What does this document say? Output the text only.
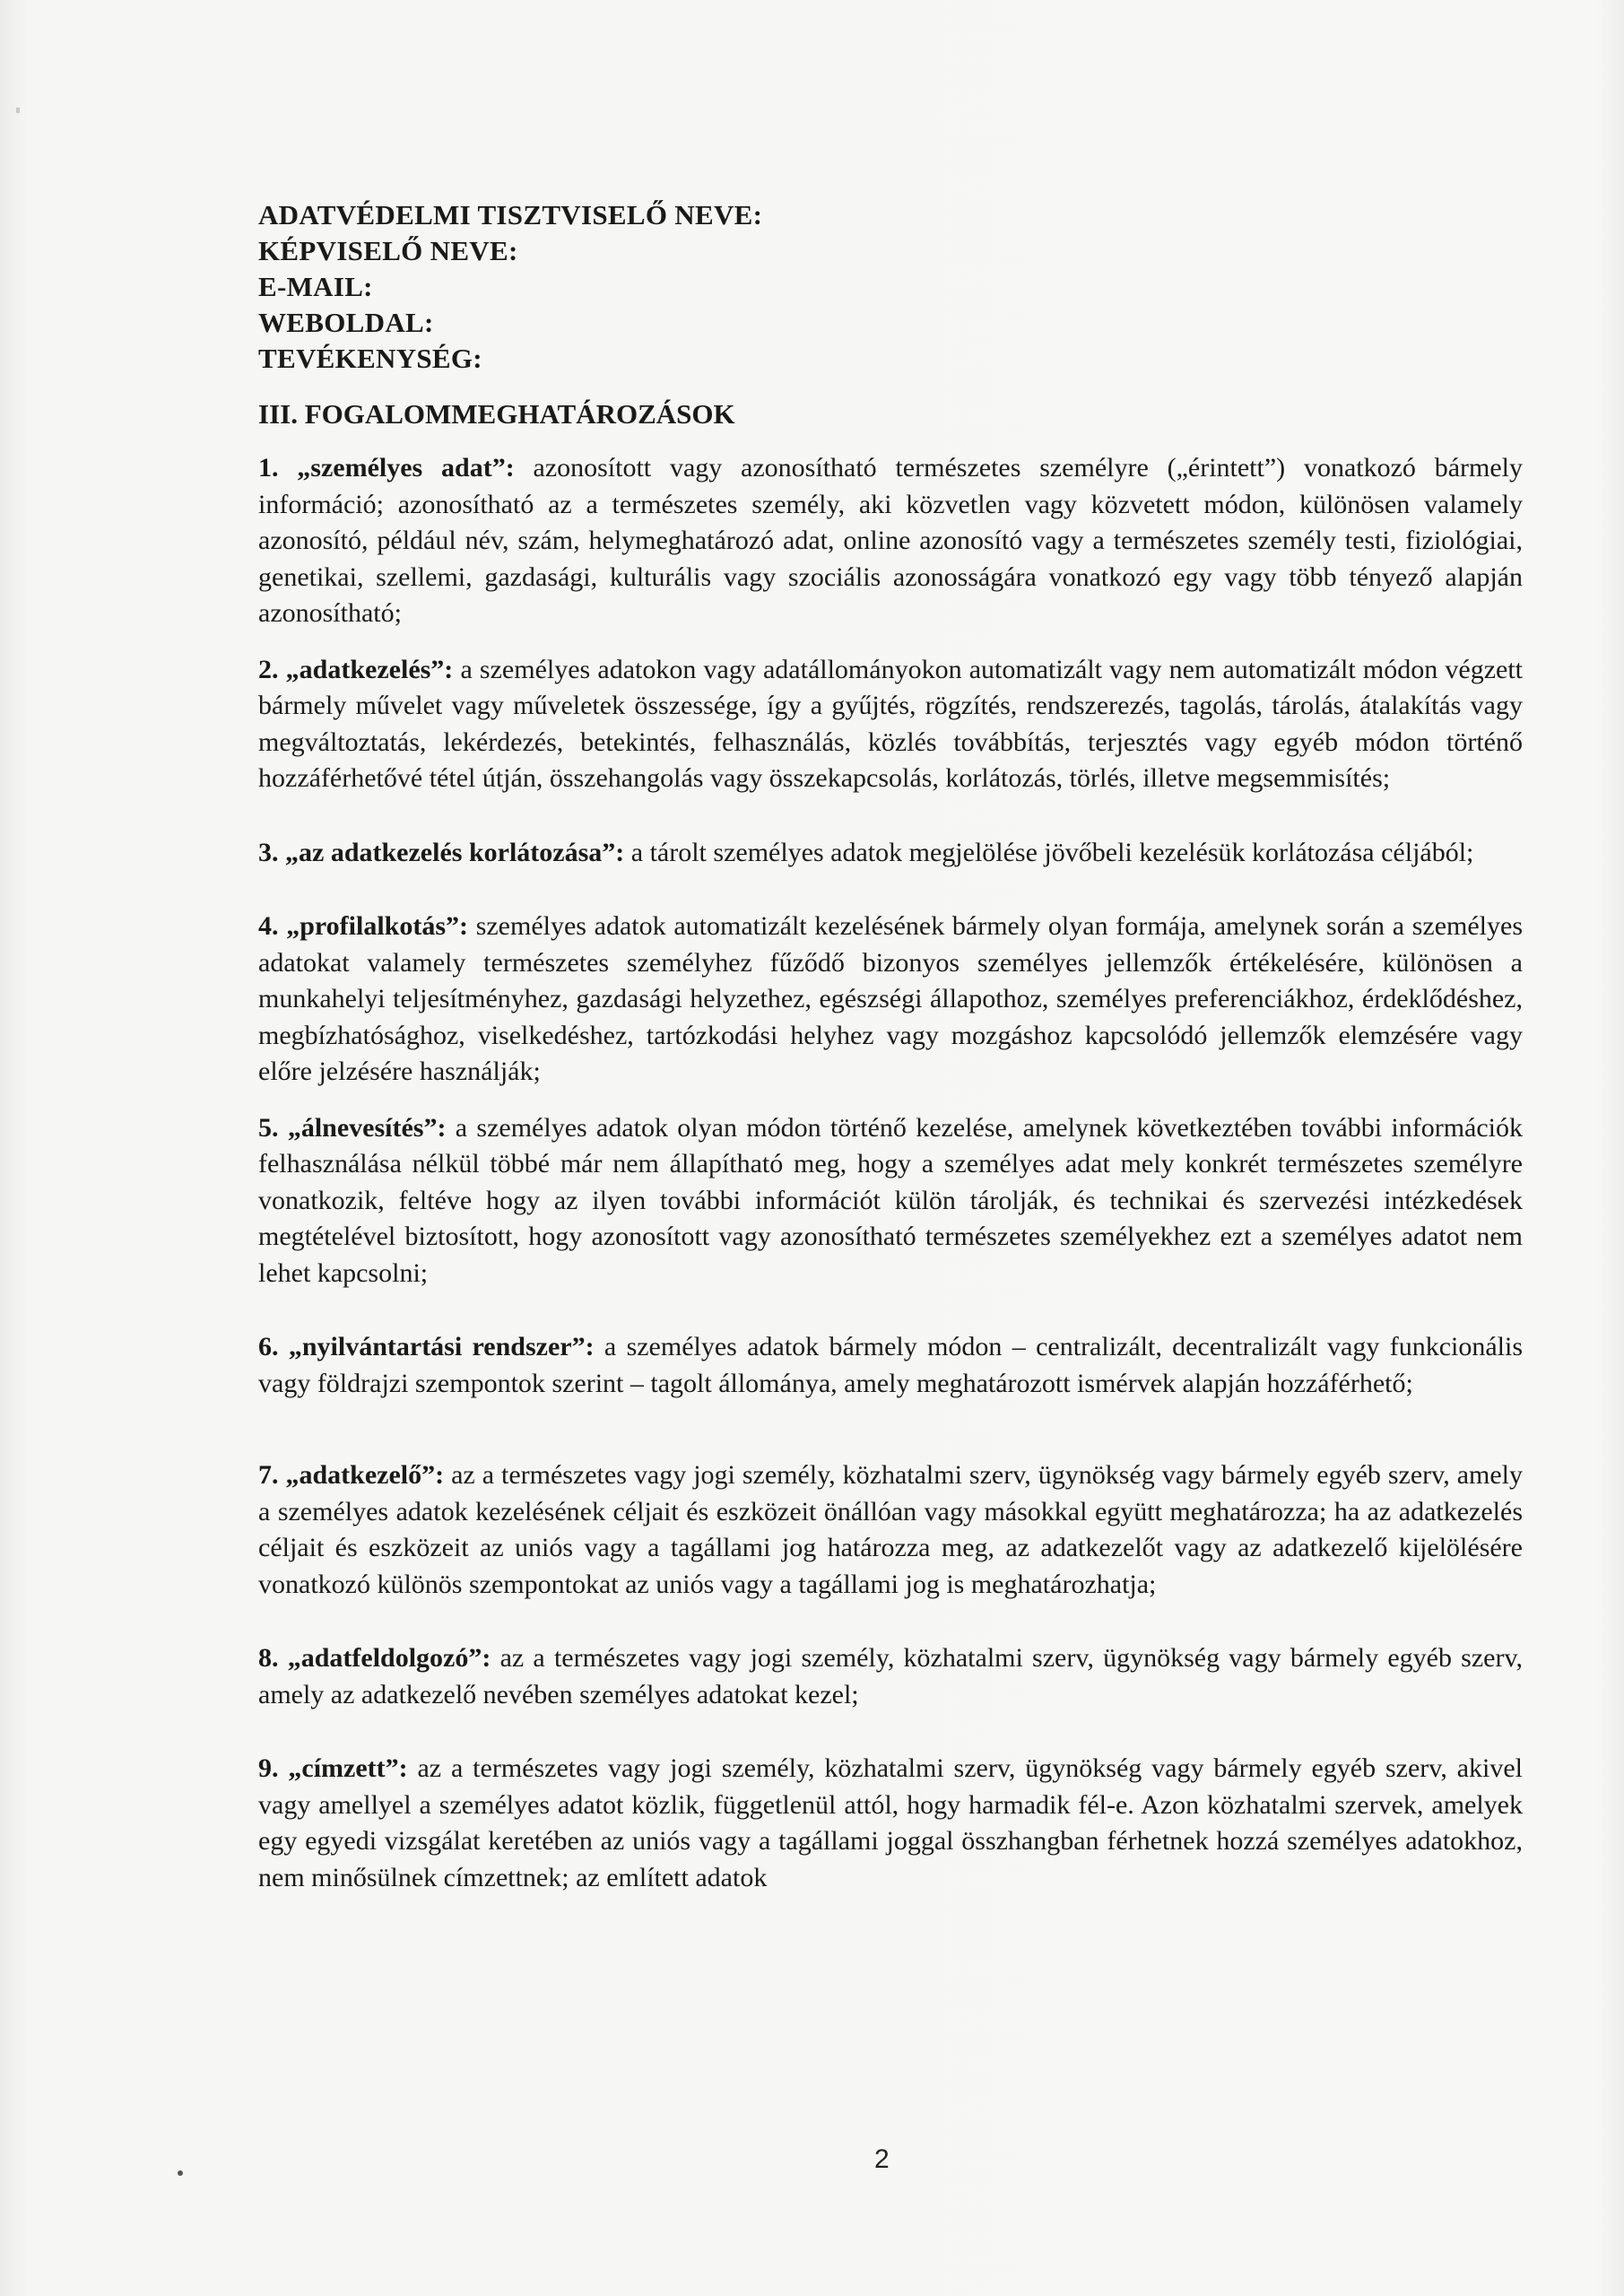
ADATVÉDELMI TISZTVISELŐ NEVE:

KÉPVISELŐ NEVE:

E-MAIL:

WEBOLDAL:

TEVÉKENYSÉG:

III. FOGALOMMEGHATÁROZÁSOK

1. „személyes adat”: azonosított vagy azonosítható természetes személyre („érintett”) vonatkozó bármely információ; azonosítható az a természetes személy, aki közvetlen vagy közvetett módon, különösen valamely azonosító, például név, szám, helymeghatározó adat, online azonosító vagy a természetes személy testi, fiziológiai, genetikai, szellemi, gazdasági, kulturális vagy szociális azonosságára vonatkozó egy vagy több tényező alapján azonosítható;

2. „adatkezelés”: a személyes adatokon vagy adatállományokon automatizált vagy nem automatizált módon végzett bármely művelet vagy műveletek összessége, így a gyűjtés, rögzítés, rendszerezés, tagolás, tárolás, átalakítás vagy megváltoztatás, lekérdezés, betekintés, felhasználás, közlés továbbítás, terjesztés vagy egyéb módon történő hozzáférhetővé tétel útján, összehangolás vagy összekapcsolás, korlátozás, törlés, illetve megsemmisítés;

3. „az adatkezelés korlátozása”: a tárolt személyes adatok megjelölése jövőbeli kezelésük korlátozása céljából;

4. „profilalkotás”: személyes adatok automatizált kezelésének bármely olyan formája, amelynek során a személyes adatokat valamely természetes személyhez fűződő bizonyos személyes jellemzők értékelésére, különösen a munkahelyi teljesítményhez, gazdasági helyzethez, egészségi állapothoz, személyes preferenciákhoz, érdeklődéshez, megbízhatósághoz, viselkedéshez, tartózkodási helyhez vagy mozgáshoz kapcsolódó jellemzők elemzésére vagy előre jelzésére használják;

5. „álnevesítés”: a személyes adatok olyan módon történő kezelése, amelynek következtében további információk felhasználása nélkül többé már nem állapítható meg, hogy a személyes adat mely konkrét természetes személyre vonatkozik, feltéve hogy az ilyen további információt külön tárolják, és technikai és szervezési intézkedések megtételével biztosított, hogy azonosított vagy azonosítható természetes személyekhez ezt a személyes adatot nem lehet kapcsolni;

6. „nyilvántartási rendszer”: a személyes adatok bármely módon – centralizált, decentralizált vagy funkcionális vagy földrajzi szempontok szerint – tagolt állománya, amely meghatározott ismérvek alapján hozzáférhető;

7. „adatkezelő”: az a természetes vagy jogi személy, közhatalmi szerv, ügynökség vagy bármely egyéb szerv, amely a személyes adatok kezelésének céljait és eszközeit önállóan vagy másokkal együtt meghatározza; ha az adatkezelés céljait és eszközeit az uniós vagy a tagállami jog határozza meg, az adatkezelőt vagy az adatkezelő kijelölésére vonatkozó különös szempontokat az uniós vagy a tagállami jog is meghatározhatja;

8. „adatfeldolgozó”: az a természetes vagy jogi személy, közhatalmi szerv, ügynökség vagy bármely egyéb szerv, amely az adatkezelő nevében személyes adatokat kezel;

9. „címzett”: az a természetes vagy jogi személy, közhatalmi szerv, ügynökség vagy bármely egyéb szerv, akivel vagy amellyel a személyes adatot közlik, függetlenül attól, hogy harmadik fél-e. Azon közhatalmi szervek, amelyek egy egyedi vizsgálat keretében az uniós vagy a tagállami joggal összhangban férhetnek hozzá személyes adatokhoz, nem minősülnek címzettnek; az említett adatok

2
